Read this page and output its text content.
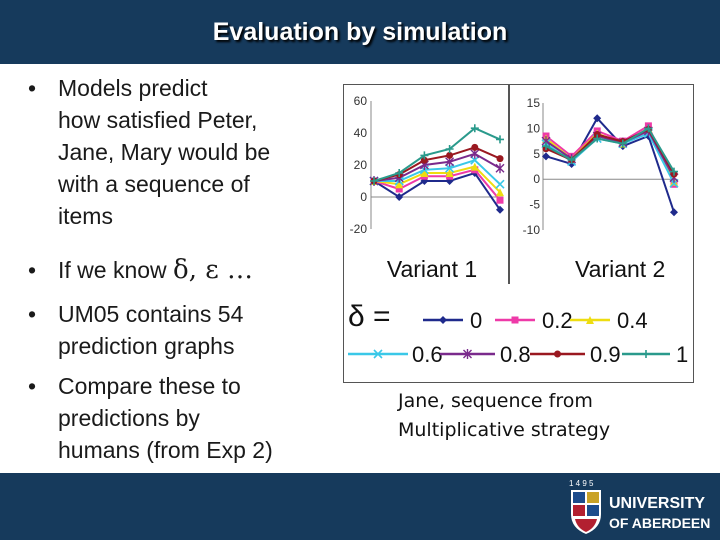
Evaluation by simulation
• Models predict
how satisfied Peter,
Jane, Mary would be
with a sequence of
items
• If we know δ, ε …
• UM05 contains 54
prediction graphs
• Compare these to
predictions by
humans (from Exp 2)
60
40
20
0
-20
Variant 1
15
10
5
0
-5
-10
Variant 2
δ =	0	0.2 0.4
0.6	0.8	0.9	1
Jane, sequence from
Multiplicative strategy
1 4 9 5
UNIVERSITY
OF ABERDEEN
